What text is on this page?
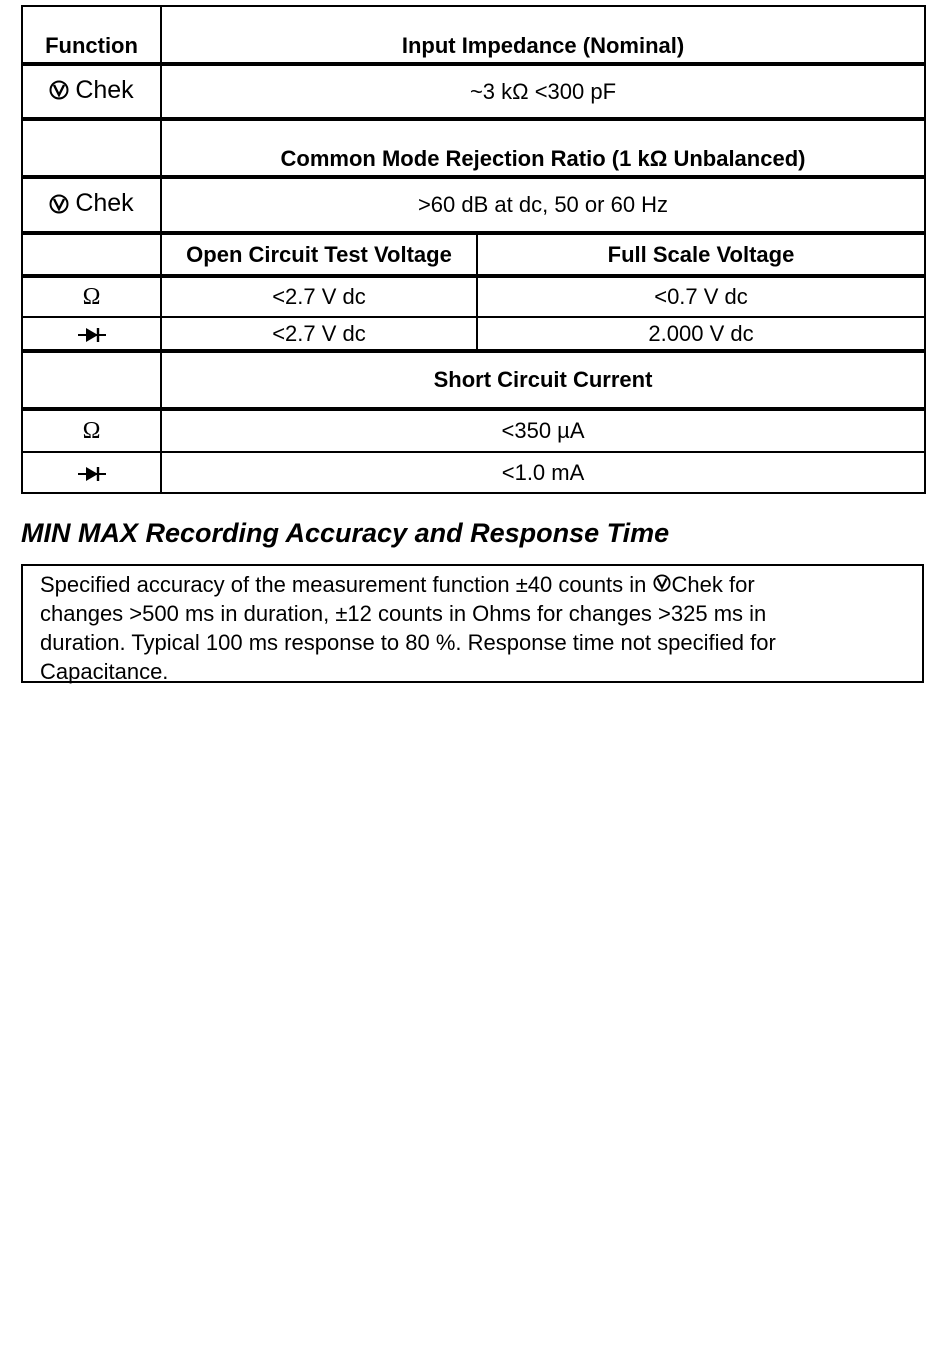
Function	Input Impedance (Nominal)	

Chek	~3 kΩ <300 pF	
	Common Mode Rejection Ratio (1 kΩ Unbalanced)	

Chek	>60 dB at dc, 50 or 60 Hz	
	Open Circuit Test Voltage	Full Scale Voltage
Ω	<2.7 V dc	<0.7 V dc
	<2.7 V dc	2.000 V dc
	Short Circuit Current	
Ω	<350 µA	
	<1.0 mA	
MIN MAX Recording Accuracy and Response Time
Specified accuracy of the measurement function ±40 counts in
Chek for
changes >500 ms in duration, ±12 counts in Ohms for changes >325 ms in
duration. Typical 100 ms response to 80 %. Response time not specified for
Capacitance.
